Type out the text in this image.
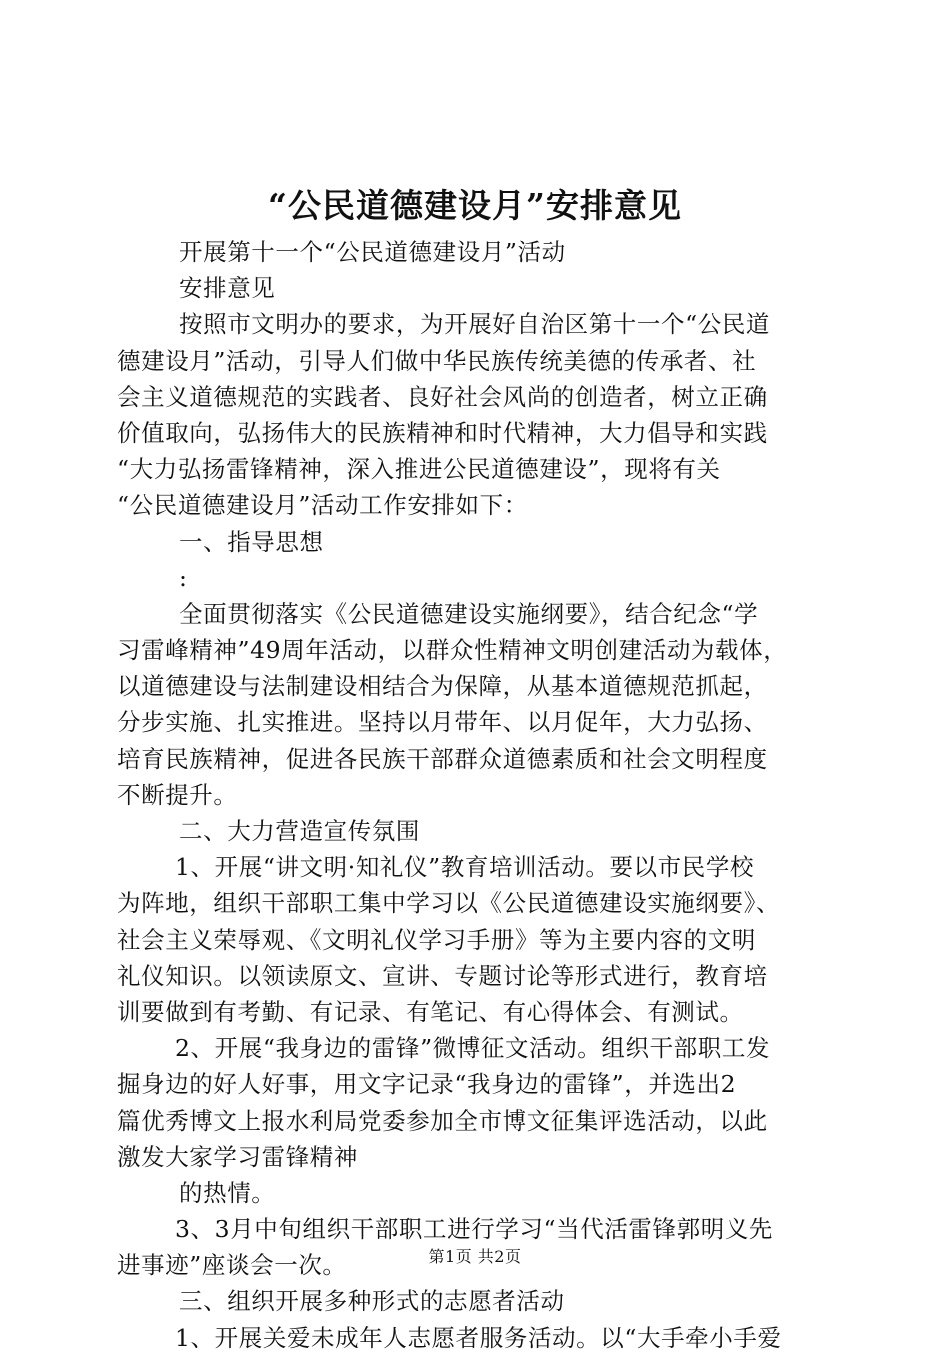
“公民道德建设月”安排意见
开展第十一个“公民道德建设月”活动
安排意见
按照市文明办的要求，为开展好自治区第十一个“公民道
德建设月”活动，引导人们做中华民族传统美德的传承者、社
会主义道德规范的实践者、良好社会风尚的创造者，树立正确
价值取向，弘扬伟大的民族精神和时代精神，大力倡导和实践
“大力弘扬雷锋精神，深入推进公民道德建设”，现将有关
“公民道德建设月”活动工作安排如下：
一、指导思想
:
全面贯彻落实《公民道德建设实施纲要》，结合纪念“学
习雷峰精神”49周年活动，以群众性精神文明创建活动为载体，
以道德建设与法制建设相结合为保障，从基本道德规范抓起，
分步实施、扎实推进。坚持以月带年、以月促年，大力弘扬、
培育民族精神，促进各民族干部群众道德素质和社会文明程度
不断提升。
二、大力营造宣传氛围
1、开展“讲文明·知礼仪”教育培训活动。要以市民学校
为阵地，组织干部职工集中学习以《公民道德建设实施纲要》、
社会主义荣辱观、《文明礼仪学习手册》等为主要内容的文明
礼仪知识。以领读原文、宣讲、专题讨论等形式进行，教育培
训要做到有考勤、有记录、有笔记、有心得体会、有测试。
2、开展“我身边的雷锋”微博征文活动。组织干部职工发
掘身边的好人好事，用文字记录“我身边的雷锋”，并选出2
篇优秀博文上报水利局党委参加全市博文征集评选活动，以此
激发大家学习雷锋精神
的热情。
3、3月中旬组织干部职工进行学习“当代活雷锋郭明义先
进事迹”座谈会一次。
三、组织开展多种形式的志愿者活动
1、开展关爱未成年人志愿者服务活动。以“大手牵小手爱
第1页 共2页
